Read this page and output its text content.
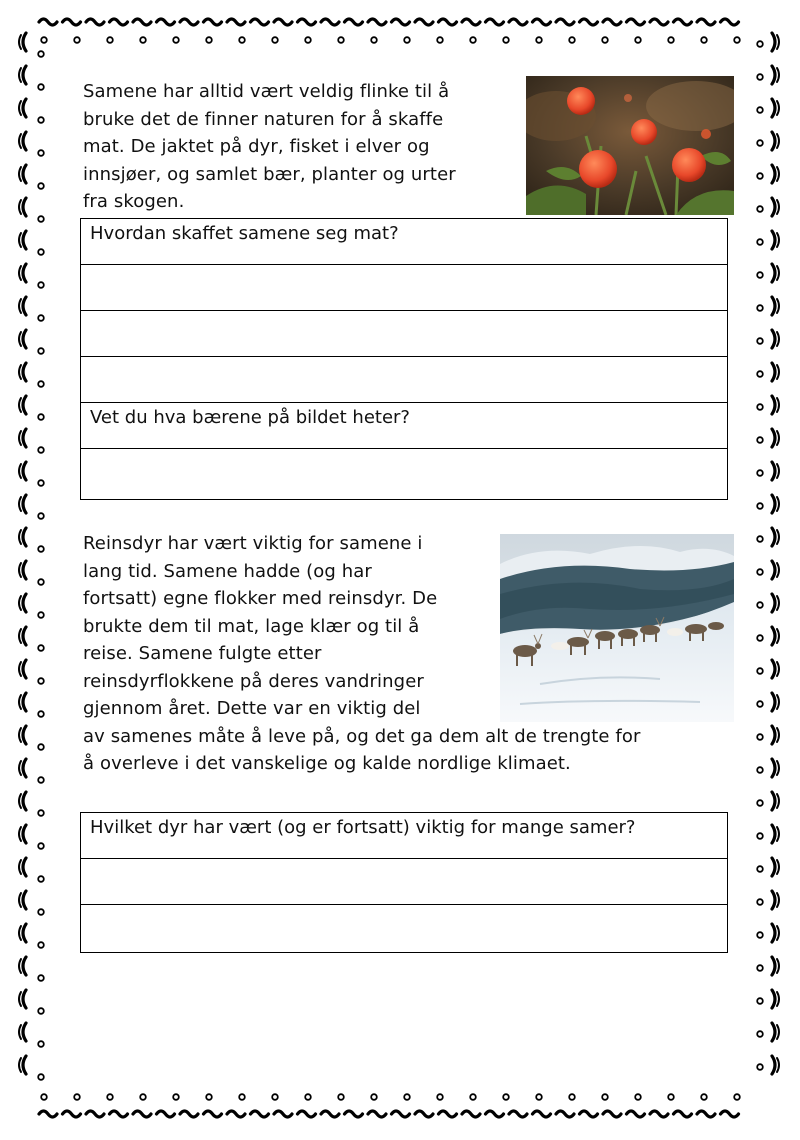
Samene har alltid vært veldig flinke til å
bruke det de finner naturen for å skaffe
mat. De jaktet på dyr, fisket i elver og
innsjøer, og samlet bær, planter og urter
fra skogen.
Hvordan skaffet samene seg mat?
Vet du hva bærene på bildet heter?
Reinsdyr har vært viktig for samene i
lang tid. Samene hadde (og har
fortsatt) egne flokker med reinsdyr. De
brukte dem til mat, lage klær og til å
reise. Samene fulgte etter
reinsdyrflokkene på deres vandringer
gjennom året. Dette var en viktig del
av samenes måte å leve på, og det ga dem alt de trengte for
å overleve i det vanskelige og kalde nordlige klimaet.
Hvilket dyr har vært (og er fortsatt) viktig for mange samer?
